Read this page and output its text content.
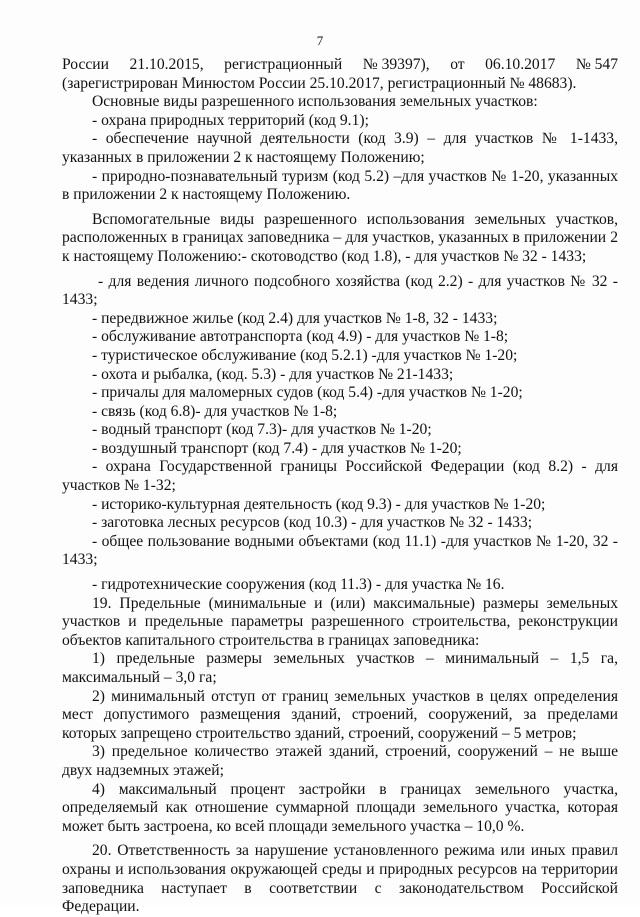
7
России 21.10.2015, регистрационный № 39397), от 06.10.2017 № 547

(зарегистрирован Минюстом России 25.10.2017, регистрационный № 48683).

Основные виды разрешенного использования земельных участков:

- охрана природных территорий (код 9.1);

- обеспечение научной деятельности (код 3.9) – для участков № 1-1433, указанных в приложении 2 к настоящему Положению;

- природно-познавательный туризм (код 5.2) –для участков № 1-20, указанных в приложении 2 к настоящему Положению.

Вспомогательные виды разрешенного использования земельных участков, расположенных в границах заповедника – для участков, указанных в приложении 2 к настоящему Положению:- скотоводство (код 1.8), - для участков № 32 - 1433;

- для ведения личного подсобного хозяйства (код 2.2) - для участков № 32 - 1433;

- передвижное жилье (код 2.4) для участков № 1-8, 32 - 1433;

- обслуживание автотранспорта (код 4.9) - для участков № 1-8;

- туристическое обслуживание (код 5.2.1) -для участков № 1-20;

- охота и рыбалка, (код. 5.3) - для участков № 21-1433;

- причалы для маломерных судов (код 5.4) -для участков № 1-20;

- связь (код 6.8)- для участков № 1-8;

- водный транспорт (код 7.3)- для участков № 1-20;

- воздушный транспорт (код 7.4) - для участков № 1-20;

- охрана Государственной границы Российской Федерации (код 8.2) - для участков № 1-32;

- историко-культурная деятельность (код 9.3) - для участков № 1-20;

- заготовка лесных ресурсов (код 10.3) - для участков № 32 - 1433;

- общее пользование водными объектами (код 11.1) -для участков № 1-20, 32 - 1433;

- гидротехнические сооружения (код 11.3) - для участка № 16.

19. Предельные (минимальные и (или) максимальные) размеры земельных участков и предельные параметры разрешенного строительства, реконструкции объектов капитального строительства в границах заповедника:

1) предельные размеры земельных участков – минимальный – 1,5 га, максимальный – 3,0 га;

2) минимальный отступ от границ земельных участков в целях определения мест допустимого размещения зданий, строений, сооружений, за пределами которых запрещено строительство зданий, строений, сооружений – 5 метров;

3) предельное количество этажей зданий, строений, сооружений – не выше двух надземных этажей;

4) максимальный процент застройки в границах земельного участка, определяемый как отношение суммарной площади земельного участка, которая может быть застроена, ко всей площади земельного участка – 10,0 %.

20. Ответственность за нарушение установленного режима или иных правил охраны и использования окружающей среды и природных ресурсов на территории заповедника наступает в соответствии с законодательством Российской Федерации.
